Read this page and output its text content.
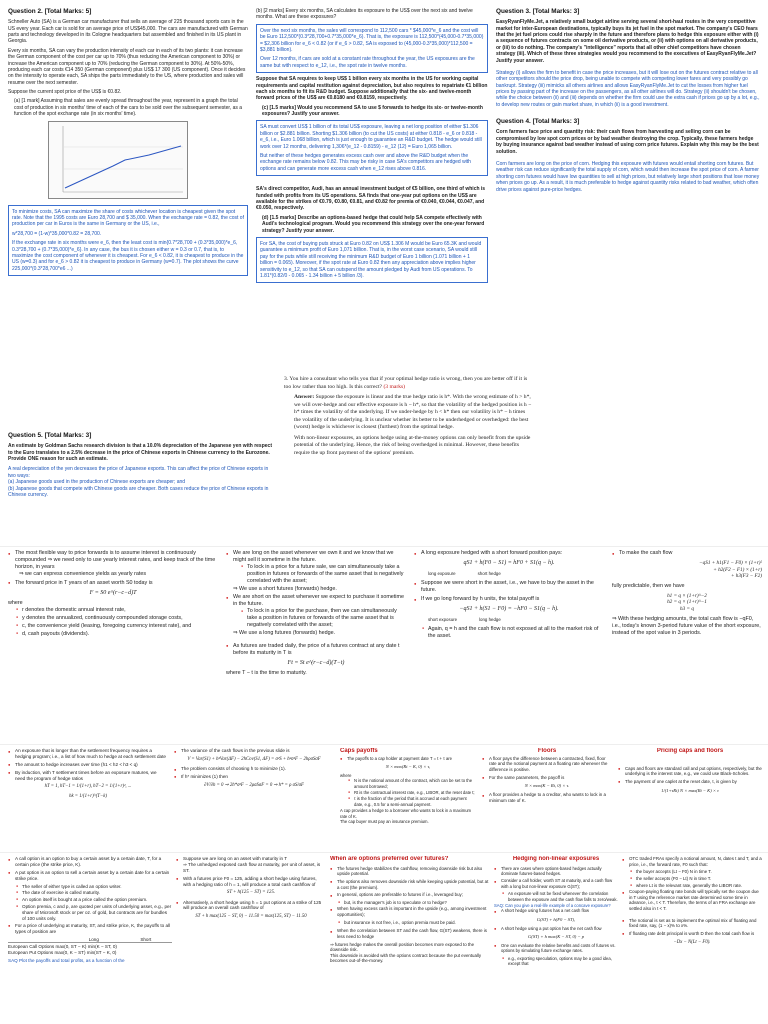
Question 2. [Total Marks: 5]
Schneller Auto (SA) is a German car manufacturer that sells an average of 225 thousand sports cars in the US every year. Each car is sold for an average price of US$45,000. The cars are manufactured with German parts and technology developed in its Cologne headquarters but assembled and finished in its US plant in Georgia.
Every six months, SA can vary the production intensity of each car in each of its two plants: it can increase the German component of the cost per car up to 70% (thus reducing the American component to 30%) or increase the American component up to 70% (reducing the German component to 30%). At 50%-50%, producing each car costs €14 350 (German component) plus US$ 17 300 (US component). Once it decides on the intensity to operate each, SA ships the parts immediately to the US, where production and sales will resume over the next semester.
Suppose the current spot price of the US$ is €0.82.
(a) [1 mark] Assuming that sales are evenly spread throughout the year, represent in a graph the total cost of production in six months' time of each of the cars to be sold over the subsequent semester, as a function of the spot exchange rate (in six months' time).
To minimize costs, SA can maximize the share of costs whichever location is cheapest given the spot rate. Note that the 1995 costs are Euro 28,700 and $ 35,000. When the exchange rate = 0.82, the cost of production per car in Euros is the same in Germany or the US, i.e.,
w*28,700 = (1-w)*35,000*0.82 = 28,700.
If the exchange rate in six months were e_6, then the least cost is min{0.7*28,700 + (0.3*35,000)*e_6, 0.3*28,700 + (0.7*35,000)*e_6}. In any case, the bus it is chosen either w = 0.3 or 0.7, that is, to maximize the cost component of whenever it is cheapest. For e_6 < 0.82, it is cheapest to produce in the US (w=0.3) and for e_6 > 0.82 it is cheapest to produce in Germany (w=0.7). The plot shows the curve 225,000*(0.3*28,700*e6 ...)
(b) [2 marks] Every six months, SA calculates its exposure to the US$ over the next six and twelve months. What are these exposures?
Over the next six months, the sales will correspond to 112,500 cars * $45,000*e_6 and the cost will be Euro 112,500*(0.3*28,700+0.7*35,000*e_6). That is, the exposure is 112,500*(45,000-0.7*35,000) = $2,306 billion for e_6 < 0.82 (or if e_6 > 0.82, SA is exposed to (45,000-0.3*35,000)*112,500 = $3,881 billion).
Over 12 months, if cars are sold at a constant rate throughout the year, the US exposures are the same but with respect to e_12, i.e., the spot rate in twelve months.
Suppose that SA requires to keep US$ 1 billion every six months in the US for working capital requirements and capital restitution against depreciation, but also requires to repatriate €1 billion each six months to fit its R&D budget. Suppose additionally that the six- and twelve-month forward prices of the US$ are €0.8180 and €0.8159, respectively.
(c) [1.5 marks] Would you recommend SA to use $ forwards to hedge its six- or twelve-month exposures? Justify your answer.
SA must convert US$ 1 billion of its total US$ exposure, leaving a net long position of either $1.306 billion or $2.881 billion. Shorting $1.306 billion (to cut the US costs) at either 0.818 - e_6 or 0.818 - e_6, i.e., Euro 1.068 billion, which is just enough to guarantee an R&D budget. The hedge would still work over 12 months, delivering 1,306*(e_12 - 0.8159) - e_12 (12) = Euro 1,065 billion.
But neither of these hedges generates excess cash over and above the R&D budget when the exchange rate remains below 0.82. This may be risky in case SA's competitors are hedged with options and can generate more excess cash when e_12 rises above 0.816.
SA's direct competitor, Audi, has an annual investment budget of €5 billion, one third of which is funded with profits from its US operations. SA finds that one-year put options on the US$ are available for the strikes of €0.79, €0.80, €0.81, and €0.82 for premia of €0.040, €0.044, €0.047, and €0.050, respectively.
(d) [1.5 marks] Describe an options-based hedge that could help SA compete effectively with Audi's technological program. Would you recommend this strategy over the one-year forward strategy? Justify your answer.
For SA, the cost of buying puts struck at Euro 0.82 on US$ 1.306 M would be Euro 65.3K and would guarantee a minimum profit of Euro 1,071 billion. That is, in the worst case scenario, SA would still pay for the puts while still receiving the minimum R&D budget of Euro 1 billion (1.071 billion + 1 billion = 0.065). Moreover, if the spot rate at Euro 0.82 then any appreciation above implies higher sensitivity to e_12, so that SA can outspend the amount pledged by Audi from US operations. To 1.81*(0.82/0 - 0.065 - 1.34 billion + 5 billion /3).
Question 3. [Total Marks: 3]
EasyRyanFlyMe.Jet, a relatively small budget airline serving several short-haul routes in the very competitive market for inter-European destinations, typically buys its jet fuel in the spot market. The company's CEO fears that the jet fuel prices could rise sharply in the future and therefore plans to hedge this exposure either with (i) a sequence of futures contracts on some oil derivative products, or (ii) with options on all derivative products, or (iii) to do nothing. The company's "intelligence" reports that all other chief competitors have chosen strategy (iii). Which of these three strategies would you recommend to the executives of EasyRyanFlyMe.Jet? Justify your answer.
Strategy (i) allows the firm to benefit in case the price increases, but it will lose out on the futures contract relative to all other competitors should the price drop, being unable to compete with competing lower fares and very possibly go bankrupt. Strategy (iii) mimicks all others airlines and allows EasyRyanFlyMe.Jet to cut the losses from higher fuel prices by passing part of the increase on the passengers, as all other airlines will do. Strategy (ii) shouldn't be chosen, while the choice between (ii) and (iii) depends on whether the firm could use the extra cash if prices go up by a lot, e.g., to develop new routes or gain market share, in which (ii) is a good investment.
Question 4. [Total Marks: 3]
Corn farmers face price and quantity risk: their cash flows from harvesting and selling corn can be compromised by low spot corn prices or by bad weather destroying the crop. Typically, these farmers hedge by buying insurance against bad weather instead of using corn price futures. Explain why this may be the best solution.
Corn farmers are long on the price of corn. Hedging this exposure with futures would entail shorting corn futures. But weather risk can reduce significantly the total supply of corn, which would then increase the spot price of corn. A farmer shorting corn futures would have low quantities to sell at high prices, but relatively large short positions that lose money when prices go up. As a result, it is much preferable to hedge against quantity risks related to bad weather, which often drive prices against pure-price hedges.
Question 5. [Total Marks: 3]
An estimate by Goldman Sachs research division is that a 10.0% depreciation of the Japanese yen with respect to the Euro translates to a 2.5% decrease in the price of Chinese exports in Chinese currency to the Eurozone. Provide ONE reason for such an estimate.
A real depreciation of the yen decreases the price of Japanese exports. This can affect the price of Chinese exports in two ways:
(a) Japanese goods used in the production of Chinese exports are cheaper; and
(b) Japanese goods that compete with Chinese goods are cheaper. Both cases reduce the price of Chinese exports in Chinese currency.
3. You hire a consultant who tells you that if your optimal hedge ratio is wrong, then you are better off if it is too low rather than too high. Is this correct? (3 marks)
Answer: Suppose the exposure is linear and the true hedge ratio is h*. With the wrong estimate of h > h*, we will over-hedge and our effective exposure is h − h*, so that the volatility of the hedged position is h − h* times the volatility of the underlying. If we under-hedge by h < h* then our volatility is h* − h times the volatility of the underlying. It is unclear whether its better to be underhedged or overhedged: the best (worst) hedge is whichever is closest (furthest) from the optimal hedge.
With non-linear exposures, an options hedge using at-the-money options can only benefit from the upside potential of the underlying. Hence, the risk of being overhedged is minimal. However, these benefits require the up front payment of the options' premium.
● The most flexible way to price forwards is to assume interest is continuously compounded ⇒ we need only to use yearly interest rates, and keep track of the time horizon, in years
⇒ we can express convenience yields as yearly rates
● The forward price in T years of an asset worth S0 today is
F = S0 e^(r−c−d)T
where
● r denotes the domestic annual interest rate,
● y denotes the annualized, continuously compounded storage costs,
● c, the convenience yield (leasing, foregoing currency interest rate), and
● d, cash payouts (dividends).
● We are long on the asset whenever we own it and we know that we might sell it sometime in the future.
● To lock in a price for a future sale, we can simultaneously take a position in futures or forwards of the same asset that is negatively correlated with the asset;
⇒ We use a short futures (forwards) hedge.
● We are short on the asset whenever we expect to purchase it sometime in the future.
● To lock in a price for the purchase, then we can simultaneously take a position in futures or forwards of the same asset that is negatively correlated with the asset;
⇒ We use a long futures (forwards) hedge.
● As futures are traded daily, the price of a futures contract at any date t before its maturity in T is
Ft = St e^(r−c−d)(T−t)
where T − t is the time to maturity.
● A long exposure hedged with a short forward position pays:
qS1 + h(F0 − S1) = hF0 + S1(q − h).
long exposure	short hedge
● Suppose we were short in the asset, i.e., we have to buy the asset in the future.
● If we go long forward by h units, the total payoff is
−qS1 + h(S1 − F0) = −hF0 − S1(q − h).
short exposure	long hedge
● Again, q = h and the cash flow is not exposed at all to the market risk of the asset.
● To make the cash flow
−qS1 + h1(F1 − F0) × (1+r)²
+ h2(F2 − F1) × (1+r)
+ h3(F3 − F2)
fully predictable, then we have
h1 = q × (1+r)^−2
h2 = q × (1+r)^−1
h3 = q
⇒ With these hedging amounts, the total cash flow is −qF0, i.e., today's known 3-period future value of the short exposure, instead of the spot value in 3 periods.
● An exposure that is longer than the settlement frequency requires a hedging program; i.e., a list of how much to hedge at each settlement date
● The amount to hedge increases over time (h1 < h2 < h3 < q)
● By induction, with T settlement times before an exposure matures, we need the program of hedge ratios
hT = 1, hT−1 = 1/(1+r), hT−2 = 1/(1+r)², ...
hk = 1/(1+r)^(T−k)
● The variance of the cash flows in the previous slide is
V = Var(S1) + h²Var(ΔF) − 2hCov(S1, ΔF) = σ²S + h²σ²F − 2hρσSσF
● The problem consists of choosing h to minimize (1).
● If h* minimizes (1) then
∂V/∂h = 0 ⇒ 2h*σ²F − 2ρσSσF = 0 ⇒ h* = ρ σS/σF
Caps payoffs
● The payoffs to a cap holder at payment date T = t + τ are
N × max(Rt − K, 0) × τ,
where
● N is the notional amount of the contract, which can be set to the amount borrowed;
● Rt is the contractual interest rate, e.g., LIBOR, at the reset date t;
● τ is the fraction of the period that is accrued at each payment date, e.g., 0.5 for a semi-annual payment.
A cap provides a hedge to a borrower who wants to lock in a maximum rate of K.
The cap buyer must pay an insurance premium.
Floors
● A floor pays the difference between a contracted, fixed, floor rate and the notional payment at a floating rate whenever the difference is positive.
● For the same parameters, the payoff is
N × max(K − Rt, 0) × τ.
● A floor provides a hedge to a creditor, who wants to lock in a minimum rate of K.
Pricing caps and floors
● Caps and floors are standard call and put options, respectively, but the underlying is the interest rate, e.g., we could use Black-Scholes.
● The payment of one caplet at the reset date, t, is given by
1/(1+τRt) N × max(Rt − K) × τ
● A call option is an option to buy a certain asset by a certain date, T, for a certain price (the strike price, K).
● A put option is an option to sell a certain asset by a certain date for a certain strike price.
● The seller of either type is called an option writer.
● The date of exercise is called maturity.
● An option itself is bought at a price called the option premium.
● Option premia, c and p, are quoted per units of underlying asset, e.g., per share of Microsoft stock or per oz. of gold, but contracts are for bundles of 100 units only.
● For a price of underlying at maturity, ST, and strike price, K, the payoffs to all types of position are
Long	Short
European Call Options max(0, ST − K) min(K − ST, 0)
European Put Options max(0, K − ST) min(ST − K, 0)
SAQ Plot the payoffs and total profits, as a function of the
● Suppose we are long on an asset with maturity in T
⇒ The unhedged exposed cash flow at maturity, per unit of asset, is ST.
● With a futures price F0 = 125, adding a short hedge using futures, with a hedging ratio of h = 1, will produce a total cash cashflow of
ST + h(125 − ST) = 125.
● Alternatively, a short hedge using h = 1 put options at a strike of 125 will produce an overall cash cashflow of
ST + h max(125 − ST, 0) − 11.50 = max(125, ST) − 11.50
When are options preferred over futures?
● The futures hedge stabilizes the cashflow, removing downside risk but also upside potential.
● The options also removes downside risk while keeping upside potential, but at a cost (the premium).
● In general, options are preferable to futures if i.e., leveraged buy;
● but, is the manager's job is to speculate or to hedge?
● When having excess cash is important in the upside (e.g., among investment opportunities);
● but insurance is not free, i.e., option premia must be paid.
● When the correlation between ST and the cash flow, G(ST) weakens, there is less need to hedge
⇒ futures hedge makes the overall position becomes more exposed to the downside risk.
This downside is avoided with the options contract because the put eventually becomes out-of-the-money.
Hedging non-linear exposures
● There are cases where options-based hedges actually dominate futures-based hedges.
● Consider a call holder, worth ST at maturity, and a cash flow with a long but non-linear exposure G(ST);
● An exposure will not be fixed whenever the correlation between the exposure and the cash flow falls to zero/weak.
SAQ: Can you give a real-life example of a concave exposure?
● A short hedge using futures has a net cash flow
G(ST) + h(F0 − ST),
● A short hedge using a put option has the net cash flow
G(ST) + h max(K − ST, 0) − p
● One can evaluate the relative benefits and costs of futures vs. options by simulating future exchange rates.
● e.g., exporting speculation, options may be a good idea, except that
● OTC traded FRAs specify a notional amount, N, dates t and T, and a price, i.e., the forward rate, F0 such that:
● the buyer accepts (Lt − F0) N in time T.
● the seller accepts (F0 − Lt) N in time T.
● where Lt is the relevant rate, generally the LIBOR rate.
● Coupon-paying floating rate bonds will typically set the coupon due in T using the reference market rate determined some time in advance, i.e., t < T. Therefore, the terms of an FRA exchange are settled also in t < T.
● The notional is set as to implement the optimal mix of floating and fixed rate, say, (1 − x)% to x%.
● If floating rate debt principal is worth D then the total cash flow is
−Dx − N(Lt − F0).
